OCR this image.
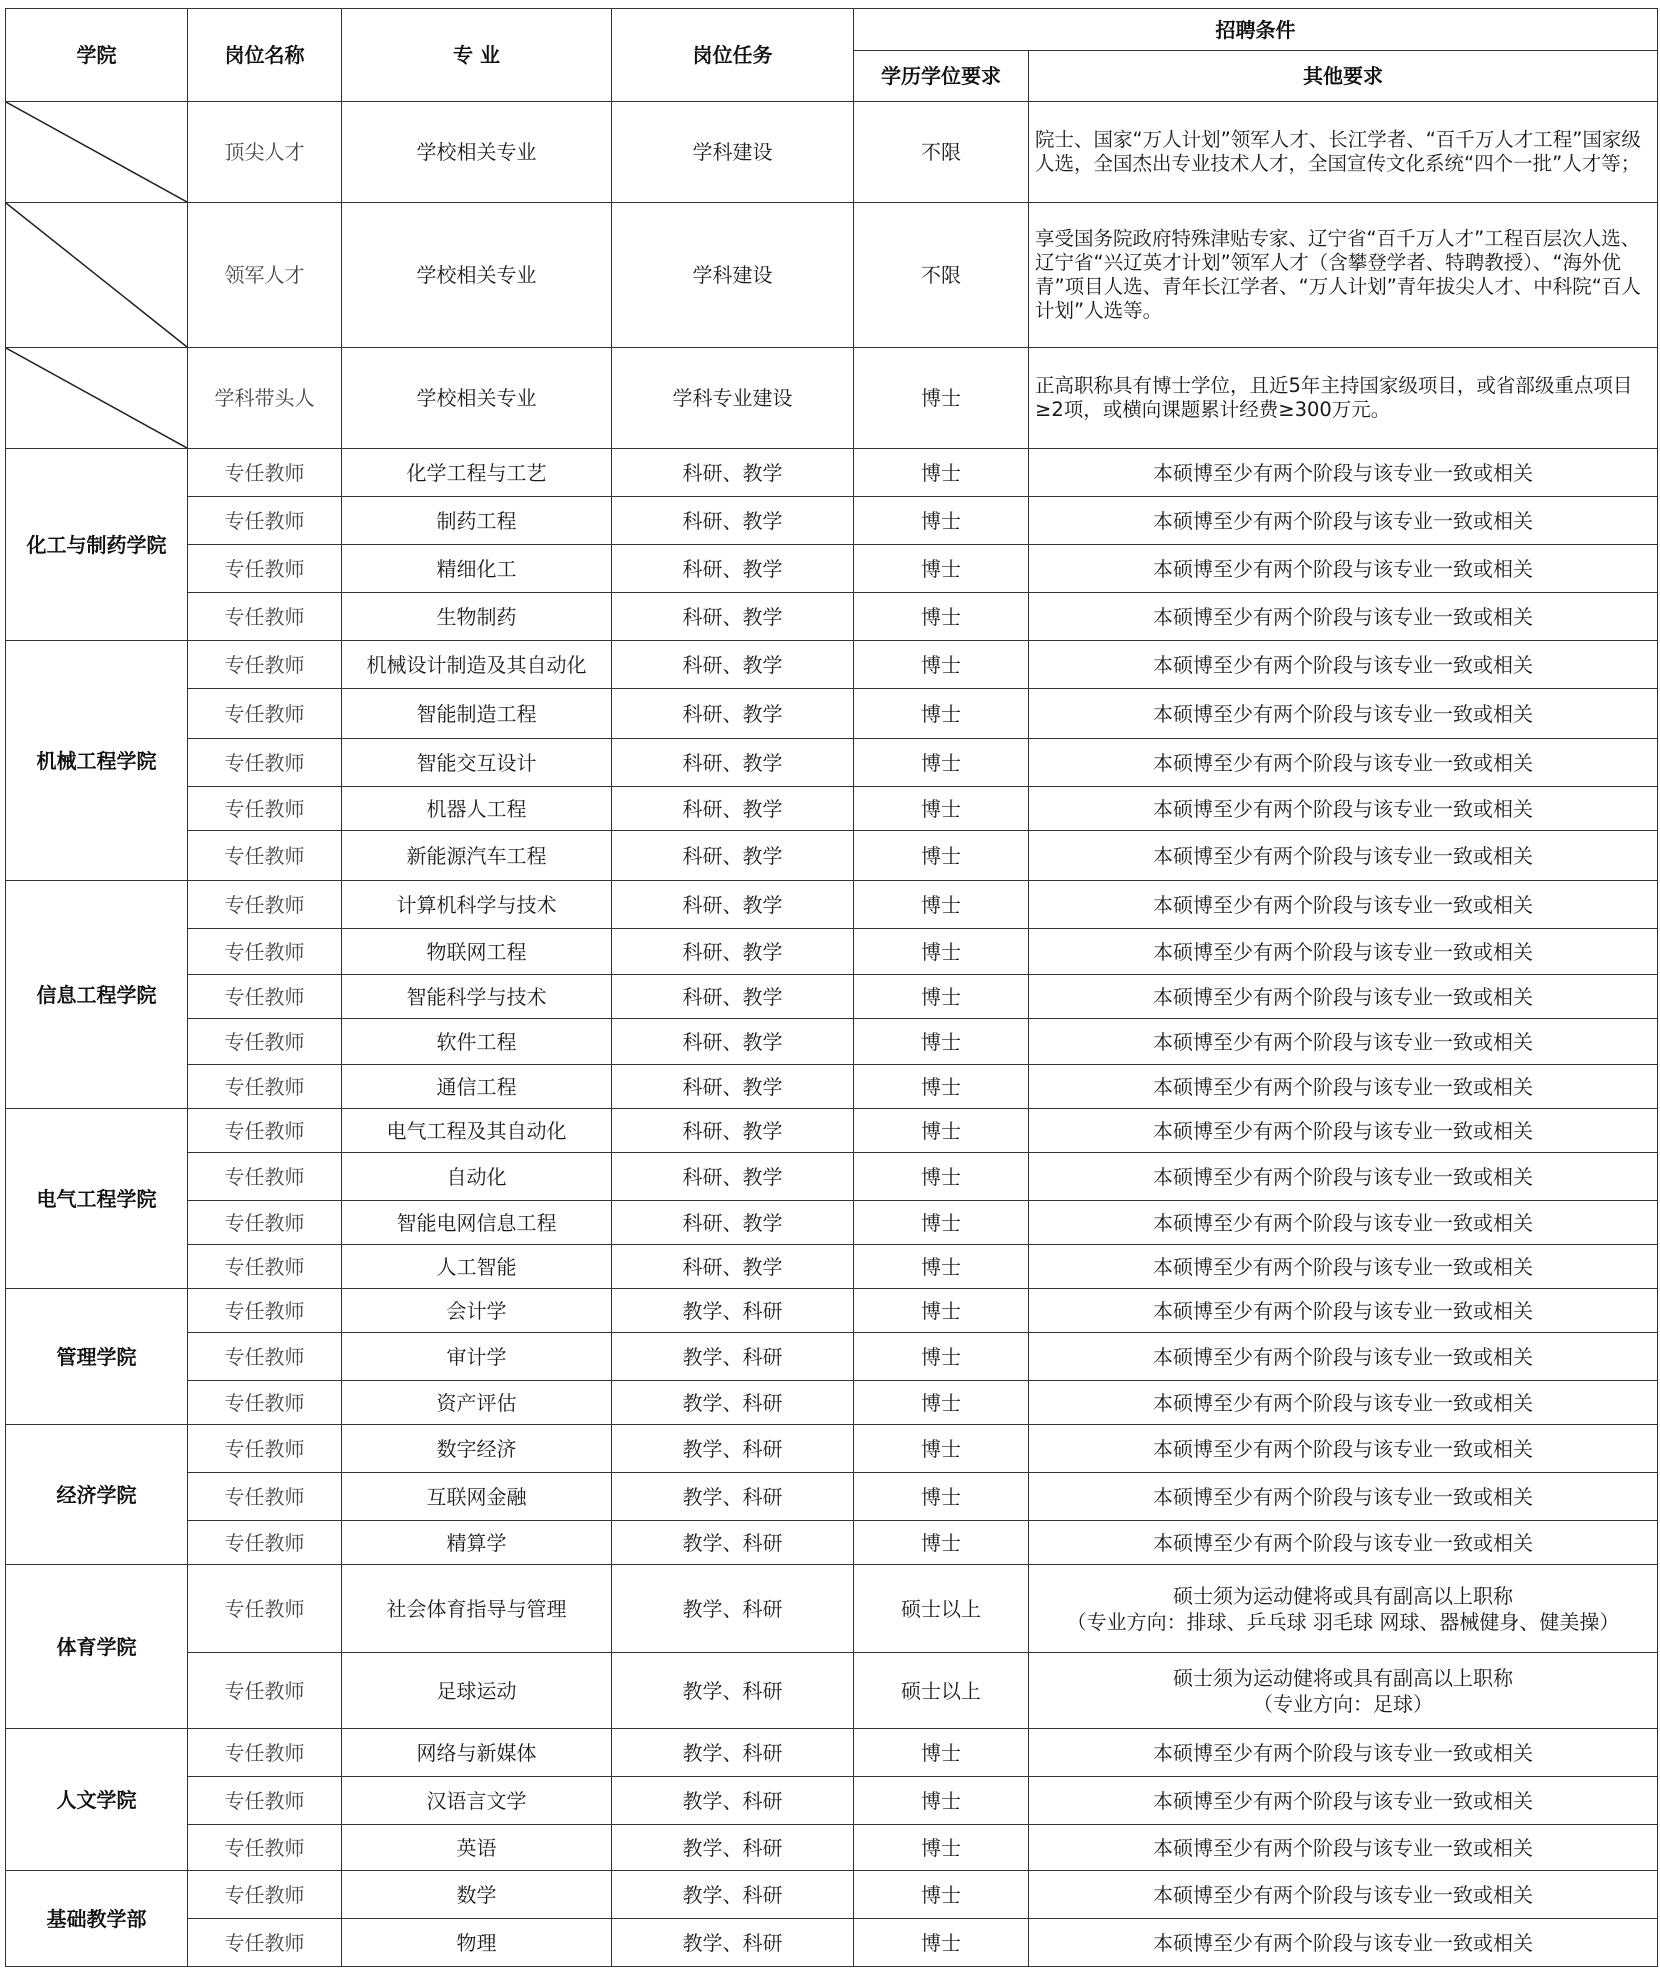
学院	岗位名称	专 业	岗位任务	招聘条件	
				学历学位要求	其他要求

	顶尖人才	学校相关专业	学科建设	不限	院士、国家“万人计划”领军人才、长江学者、“百千万人才工程”国家级人选，全国杰出专业技术人才，全国宣传文化系统“四个一批”人才等；

	领军人才	学校相关专业	学科建设	不限	享受国务院政府特殊津贴专家、辽宁省“百千万人才”工程百层次人选、辽宁省“兴辽英才计划”领军人才（含攀登学者、特聘教授）、“海外优青”项目人选、青年长江学者、“万人计划”青年拔尖人才、中科院“百人计划”人选等。

	学科带头人	学校相关专业	学科专业建设	博士	正高职称具有博士学位，且近5年主持国家级项目，或省部级重点项目≥2项，或横向课题累计经费≥300万元。
化工与制药学院	专任教师	化学工程与工艺	科研、教学	博士	本硕博至少有两个阶段与该专业一致或相关
	专任教师	制药工程	科研、教学	博士	本硕博至少有两个阶段与该专业一致或相关
	专任教师	精细化工	科研、教学	博士	本硕博至少有两个阶段与该专业一致或相关
	专任教师	生物制药	科研、教学	博士	本硕博至少有两个阶段与该专业一致或相关
机械工程学院	专任教师	机械设计制造及其自动化	科研、教学	博士	本硕博至少有两个阶段与该专业一致或相关
	专任教师	智能制造工程	科研、教学	博士	本硕博至少有两个阶段与该专业一致或相关
	专任教师	智能交互设计	科研、教学	博士	本硕博至少有两个阶段与该专业一致或相关
	专任教师	机器人工程	科研、教学	博士	本硕博至少有两个阶段与该专业一致或相关
	专任教师	新能源汽车工程	科研、教学	博士	本硕博至少有两个阶段与该专业一致或相关
信息工程学院	专任教师	计算机科学与技术	科研、教学	博士	本硕博至少有两个阶段与该专业一致或相关
	专任教师	物联网工程	科研、教学	博士	本硕博至少有两个阶段与该专业一致或相关
	专任教师	智能科学与技术	科研、教学	博士	本硕博至少有两个阶段与该专业一致或相关
	专任教师	软件工程	科研、教学	博士	本硕博至少有两个阶段与该专业一致或相关
	专任教师	通信工程	科研、教学	博士	本硕博至少有两个阶段与该专业一致或相关
电气工程学院	专任教师	电气工程及其自动化	科研、教学	博士	本硕博至少有两个阶段与该专业一致或相关
	专任教师	自动化	科研、教学	博士	本硕博至少有两个阶段与该专业一致或相关
	专任教师	智能电网信息工程	科研、教学	博士	本硕博至少有两个阶段与该专业一致或相关
	专任教师	人工智能	科研、教学	博士	本硕博至少有两个阶段与该专业一致或相关
管理学院	专任教师	会计学	教学、科研	博士	本硕博至少有两个阶段与该专业一致或相关
	专任教师	审计学	教学、科研	博士	本硕博至少有两个阶段与该专业一致或相关
	专任教师	资产评估	教学、科研	博士	本硕博至少有两个阶段与该专业一致或相关
经济学院	专任教师	数字经济	教学、科研	博士	本硕博至少有两个阶段与该专业一致或相关
	专任教师	互联网金融	教学、科研	博士	本硕博至少有两个阶段与该专业一致或相关
	专任教师	精算学	教学、科研	博士	本硕博至少有两个阶段与该专业一致或相关
体育学院	专任教师	社会体育指导与管理	教学、科研	硕士以上	硕士须为运动健将或具有副高以上职称
（专业方向：排球、乒乓球 羽毛球 网球、器械健身、健美操）

	专任教师	足球运动	教学、科研	硕士以上	硕士须为运动健将或具有副高以上职称
（专业方向：足球）

人文学院	专任教师	网络与新媒体	教学、科研	博士	本硕博至少有两个阶段与该专业一致或相关
	专任教师	汉语言文学	教学、科研	博士	本硕博至少有两个阶段与该专业一致或相关
	专任教师	英语	教学、科研	博士	本硕博至少有两个阶段与该专业一致或相关
基础教学部	专任教师	数学	教学、科研	博士	本硕博至少有两个阶段与该专业一致或相关
	专任教师	物理	教学、科研	博士	本硕博至少有两个阶段与该专业一致或相关
